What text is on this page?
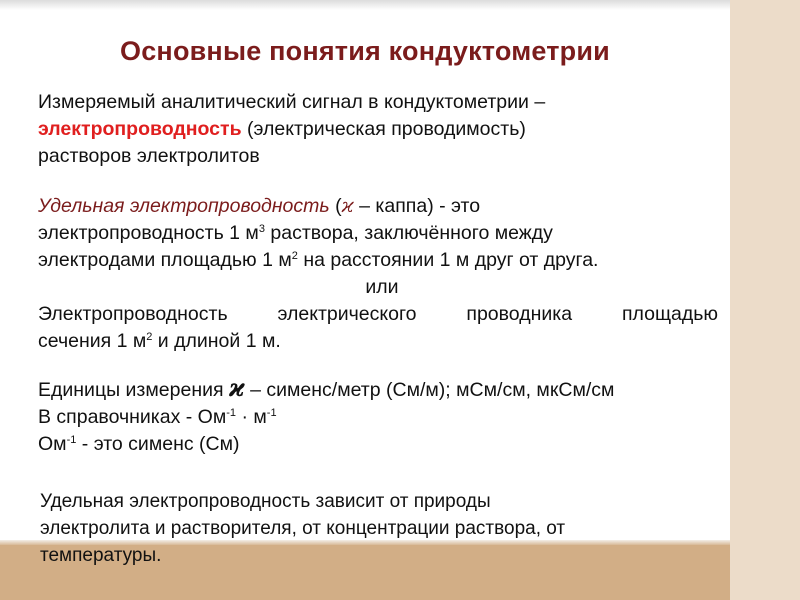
Основные понятия кондуктометрии
Измеряемый аналитический сигнал в кондуктометрии –
электропроводность (электрическая проводимость)
растворов электролитов
Удельная электропроводность (ϰ – каппа) - это
электропроводность 1 $м^3$ раствора, заключённого между
электродами площадью 1 $м^2$ на расстоянии 1 м друг от друга.
или
Электропроводность электрического проводника площадью
сечения 1 $м^2$ и длиной 1 м.
Единицы измерения ϰ – сименс/метр (См/м); мСм/см, мкСм/см
В справочниках - $Ом^{-1} \cdot м^{-1}$
$Ом^{-1}$ - это сименс (См)
Удельная электропроводность зависит от природы
электролита и растворителя, от концентрации раствора, от
температуры.
